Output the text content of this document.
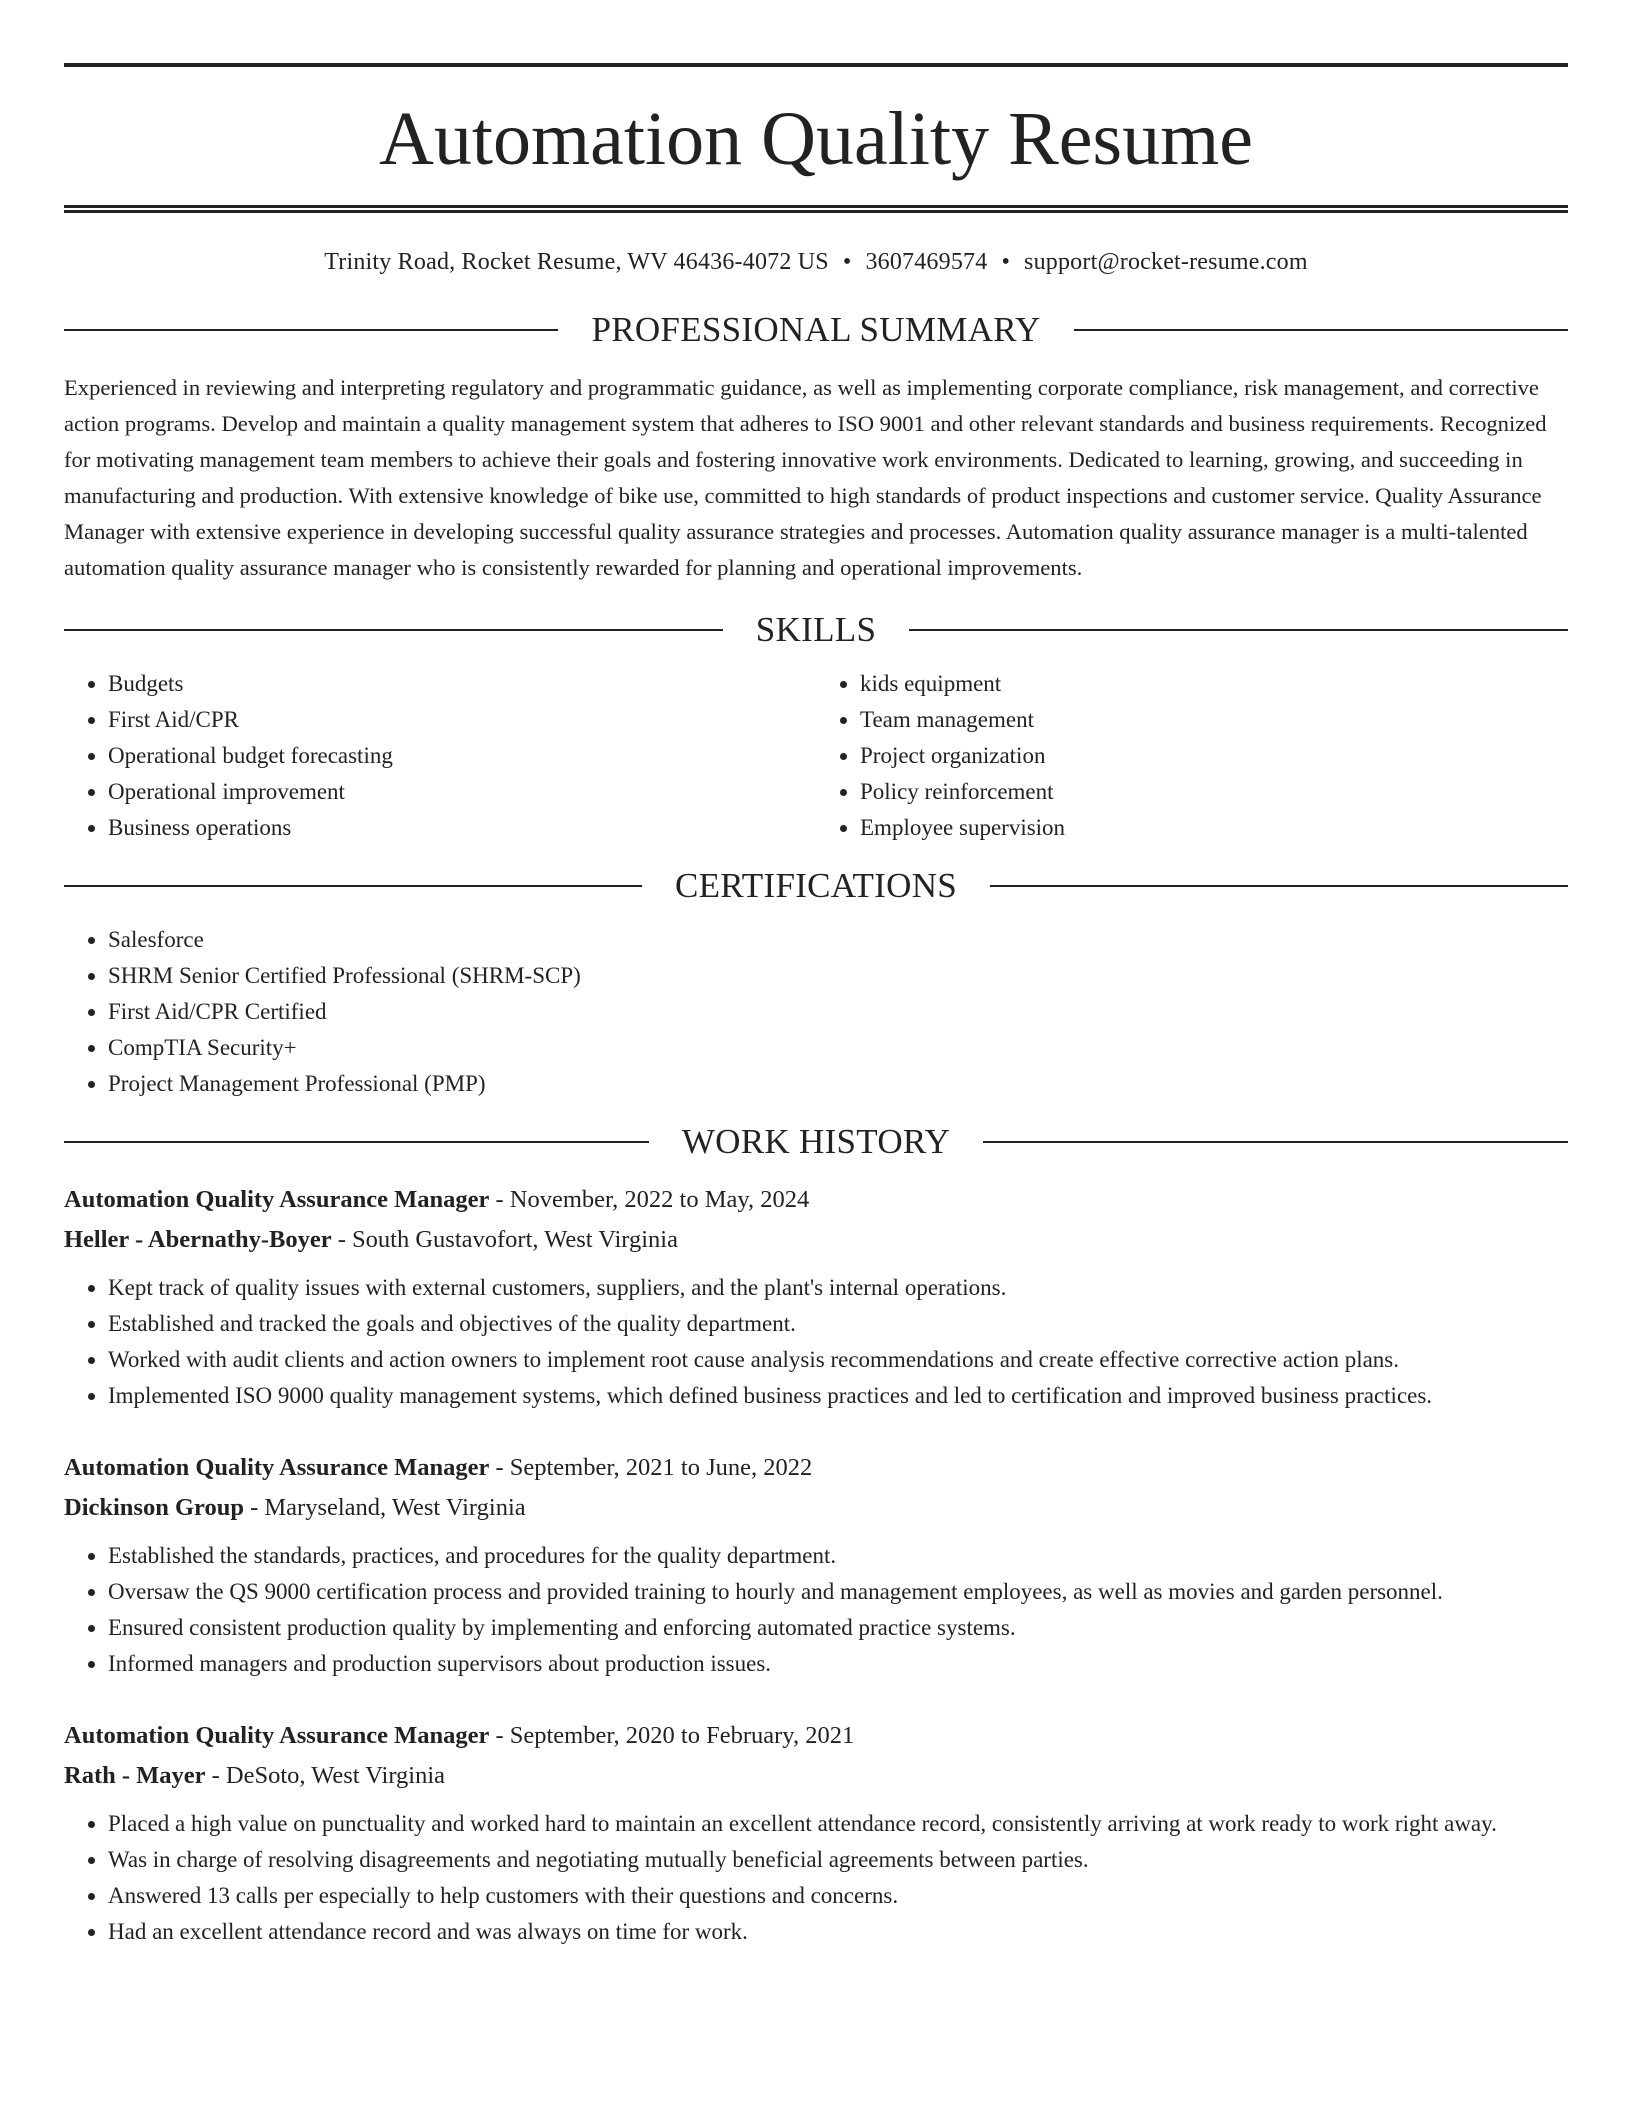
Automation Quality Resume
Trinity Road, Rocket Resume, WV 46436-4072 US • 3607469574 • support@rocket-resume.com
PROFESSIONAL SUMMARY

Experienced in reviewing and interpreting regulatory and programmatic guidance, as well as implementing corporate compliance, risk management, and corrective action programs. Develop and maintain a quality management system that adheres to ISO 9001 and other relevant standards and business requirements. Recognized for motivating management team members to achieve their goals and fostering innovative work environments. Dedicated to learning, growing, and succeeding in manufacturing and production. With extensive knowledge of bike use, committed to high standards of product inspections and customer service. Quality Assurance Manager with extensive experience in developing successful quality assurance strategies and processes. Automation quality assurance manager is a multi-talented automation quality assurance manager who is consistently rewarded for planning and operational improvements.

SKILLS
• Budgets
• First Aid/CPR
• Operational budget forecasting
• Operational improvement
• Business operations
• kids equipment
• Team management
• Project organization
• Policy reinforcement
• Employee supervision
CERTIFICATIONS
• Salesforce
• SHRM Senior Certified Professional (SHRM-SCP)
• First Aid/CPR Certified
• CompTIA Security+
• Project Management Professional (PMP)
WORK HISTORY
Automation Quality Assurance Manager - November, 2022 to May, 2024
Heller - Abernathy-Boyer - South Gustavofort, West Virginia
• Kept track of quality issues with external customers, suppliers, and the plant's internal operations.
• Established and tracked the goals and objectives of the quality department.
• Worked with audit clients and action owners to implement root cause analysis recommendations and create effective corrective action plans.
• Implemented ISO 9000 quality management systems, which defined business practices and led to certification and improved business practices.
Automation Quality Assurance Manager - September, 2021 to June, 2022
Dickinson Group - Maryseland, West Virginia
• Established the standards, practices, and procedures for the quality department.
• Oversaw the QS 9000 certification process and provided training to hourly and management employees, as well as movies and garden personnel.
• Ensured consistent production quality by implementing and enforcing automated practice systems.
• Informed managers and production supervisors about production issues.
Automation Quality Assurance Manager - September, 2020 to February, 2021
Rath - Mayer - DeSoto, West Virginia
• Placed a high value on punctuality and worked hard to maintain an excellent attendance record, consistently arriving at work ready to work right away.
• Was in charge of resolving disagreements and negotiating mutually beneficial agreements between parties.
• Answered 13 calls per especially to help customers with their questions and concerns.
• Had an excellent attendance record and was always on time for work.
